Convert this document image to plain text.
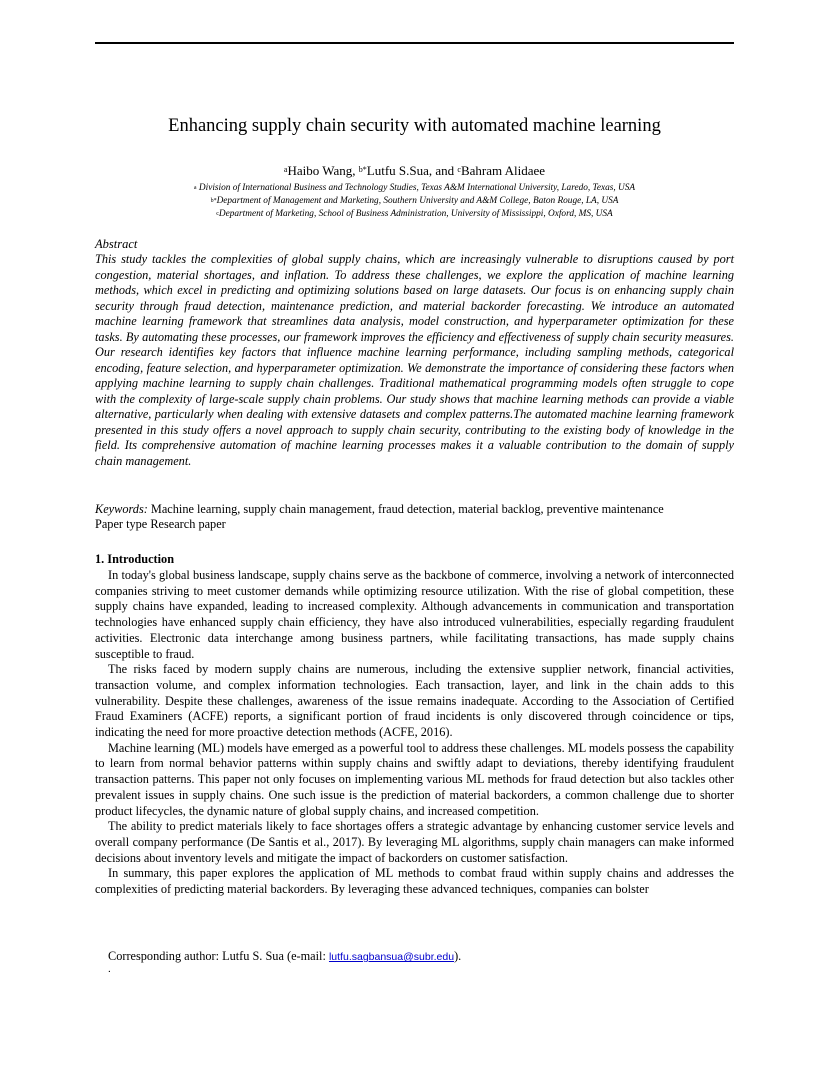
Enhancing supply chain security with automated machine learning
$^a$Haibo Wang, $^{b*}$Lutfu S.Sua, and $^c$Bahram Alidaee
$^a$ Division of International Business and Technology Studies, Texas A&M International University, Laredo, Texas, USA
$^{b*}$Department of Management and Marketing, Southern University and A&M College, Baton Rouge, LA, USA
$^c$Department of Marketing, School of Business Administration, University of Mississippi, Oxford, MS, USA
Abstract
This study tackles the complexities of global supply chains, which are increasingly vulnerable to disruptions caused by port congestion, material shortages, and inflation. To address these challenges, we explore the application of machine learning methods, which excel in predicting and optimizing solutions based on large datasets. Our focus is on enhancing supply chain security through fraud detection, maintenance prediction, and material backorder forecasting. We introduce an automated machine learning framework that streamlines data analysis, model construction, and hyperparameter optimization for these tasks. By automating these processes, our framework improves the efficiency and effectiveness of supply chain security measures. Our research identifies key factors that influence machine learning performance, including sampling methods, categorical encoding, feature selection, and hyperparameter optimization. We demonstrate the importance of considering these factors when applying machine learning to supply chain challenges. Traditional mathematical programming models often struggle to cope with the complexity of large-scale supply chain problems. Our study shows that machine learning methods can provide a viable alternative, particularly when dealing with extensive datasets and complex patterns.The automated machine learning framework presented in this study offers a novel approach to supply chain security, contributing to the existing body of knowledge in the field. Its comprehensive automation of machine learning processes makes it a valuable contribution to the domain of supply chain management.
Keywords: Machine learning, supply chain management, fraud detection, material backlog, preventive maintenance
Paper type Research paper
1. Introduction

In today's global business landscape, supply chains serve as the backbone of commerce, involving a network of interconnected companies striving to meet customer demands while optimizing resource utilization. With the rise of global competition, these supply chains have expanded, leading to increased complexity. Although advancements in communication and transportation technologies have enhanced supply chain efficiency, they have also introduced vulnerabilities, especially regarding fraudulent activities. Electronic data interchange among business partners, while facilitating transactions, has made supply chains susceptible to fraud.

The risks faced by modern supply chains are numerous, including the extensive supplier network, financial activities, transaction volume, and complex information technologies. Each transaction, layer, and link in the chain adds to this vulnerability. Despite these challenges, awareness of the issue remains inadequate. According to the Association of Certified Fraud Examiners (ACFE) reports, a significant portion of fraud incidents is only discovered through coincidence or tips, indicating the need for more proactive detection methods (ACFE, 2016).

Machine learning (ML) models have emerged as a powerful tool to address these challenges. ML models possess the capability to learn from normal behavior patterns within supply chains and swiftly adapt to deviations, thereby identifying fraudulent transaction patterns. This paper not only focuses on implementing various ML methods for fraud detection but also tackles other prevalent issues in supply chains. One such issue is the prediction of material backorders, a common challenge due to shorter product lifecycles, the dynamic nature of global supply chains, and increased competition.

The ability to predict materials likely to face shortages offers a strategic advantage by enhancing customer service levels and overall company performance (De Santis et al., 2017). By leveraging ML algorithms, supply chain managers can make informed decisions about inventory levels and mitigate the impact of backorders on customer satisfaction.

In summary, this paper explores the application of ML methods to combat fraud within supply chains and addresses the complexities of predicting material backorders. By leveraging these advanced techniques, companies can bolster

Corresponding author: Lutfu S. Sua (e-mail: lutfu.sagbansua@subr.edu).
.
